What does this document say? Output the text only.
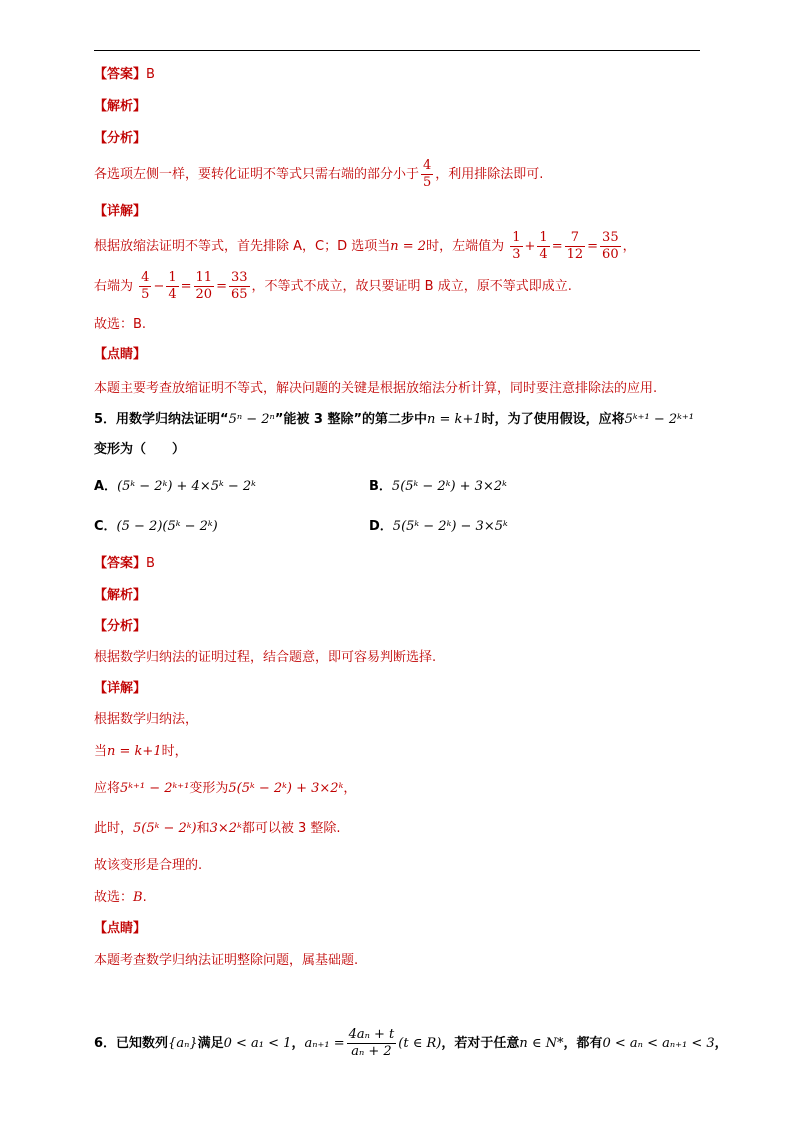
【答案】B
【解析】
【分析】
各选项左侧一样，要转化证明不等式只需右端的部分小于 $\frac{4}{5}$ ，利用排除法即可.
【详解】
根据放缩法证明不等式，首先排除 A，C；D 选项当n = 2时，左端值为 $\frac{1}{3} + \frac{1}{4} = \frac{7}{12} = \frac{35}{60}$ ，
右端为 $\frac{4}{5} - \frac{1}{4} = \frac{11}{20} = \frac{33}{65}$ ，不等式不成立，故只要证明 B 成立，原不等式即成立.
故选：B.
【点睛】
本题主要考查放缩证明不等式，解决问题的关键是根据放缩法分析计算，同时要注意排除法的应用.
5．用数学归纳法证明“5ⁿ − 2ⁿ”能被 3 整除”的第二步中n = k+1时，为了使用假设，应将5ᵏ⁺¹ − 2ᵏ⁺¹
变形为（　　）
A．(5ᵏ − 2ᵏ) + 4×5ᵏ − 2ᵏ	B．5(5ᵏ − 2ᵏ) + 3×2ᵏ
C．(5 − 2)(5ᵏ − 2ᵏ)	D．5(5ᵏ − 2ᵏ) − 3×5ᵏ
【答案】B
【解析】
【分析】
根据数学归纳法的证明过程，结合题意，即可容易判断选择.
【详解】
根据数学归纳法，
当n = k+1时，
应将5ᵏ⁺¹ − 2ᵏ⁺¹变形为5(5ᵏ − 2ᵏ) + 3×2ᵏ，
此时，5(5ᵏ − 2ᵏ)和3×2ᵏ都可以被 3 整除.
故该变形是合理的.
故选：B.
【点睛】
本题考查数学归纳法证明整除问题，属基础题.
6．已知数列{aₙ}满足0 < a₁ < 1，$a_{n+1} = \frac{\text{4aₙ + t}}{\text{aₙ + 2}} (t$ ∈ R)，若对于任意n ∈ N*，都有0 < aₙ < aₙ₊₁ < 3，
